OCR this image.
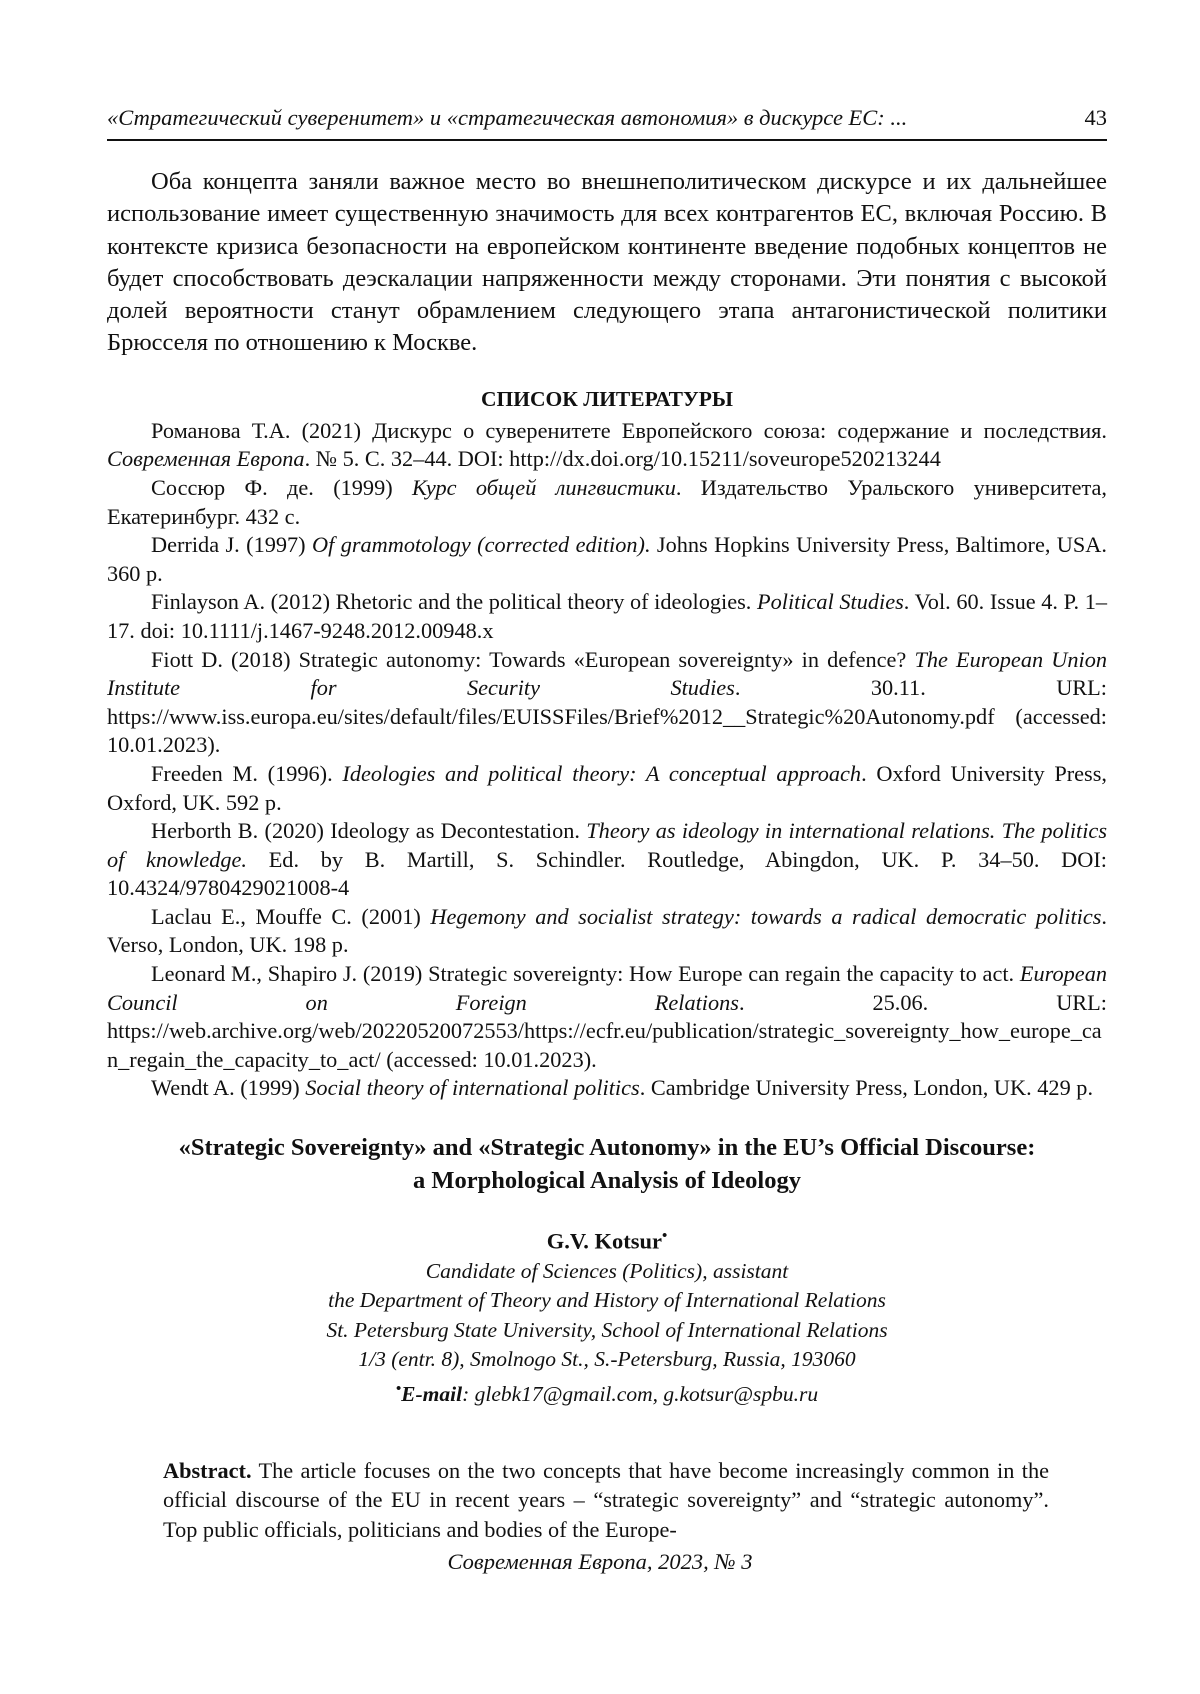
«Стратегический суверенитет» и «стратегическая автономия» в дискурсе ЕС: ...	43

Оба концепта заняли важное место во внешнеполитическом дискурсе и их дальнейшее использование имеет существенную значимость для всех контрагентов ЕС, включая Россию. В контексте кризиса безопасности на европейском континенте введение подобных концептов не будет способствовать деэскалации напряженности между сторонами. Эти понятия с высокой долей вероятности станут обрамлением следующего этапа антагонистической политики Брюсселя по отношению к Москве.

СПИСОК ЛИТЕРАТУРЫ

Романова Т.А. (2021) Дискурс о суверенитете Европейского союза: содержание и последствия. Современная Европа. № 5. С. 32–44. DOI: http://dx.doi.org/10.15211/soveurope520213244

Соссюр Ф. де. (1999) Курс общей лингвистики. Издательство Уральского университета, Екатеринбург. 432 с.

Derrida J. (1997) Of grammotology (corrected edition). Johns Hopkins University Press, Baltimore, USA. 360 p.

Finlayson A. (2012) Rhetoric and the political theory of ideologies. Political Studies. Vol. 60. Issue 4. P. 1–17. doi: 10.1111/j.1467-9248.2012.00948.x

Fiott D. (2018) Strategic autonomy: Towards «European sovereignty» in defence? The European Union Institute for Security Studies. 30.11. URL: https://www.iss.europa.eu/sites/default/files/EUISSFiles/Brief%2012__Strategic%20Autonomy.pdf (accessed: 10.01.2023).

Freeden M. (1996). Ideologies and political theory: A conceptual approach. Oxford University Press, Oxford, UK. 592 p.

Herborth B. (2020) Ideology as Decontestation. Theory as ideology in international relations. The politics of knowledge. Ed. by B. Martill, S. Schindler. Routledge, Abingdon, UK. P. 34–50. DOI: 10.4324/9780429021008-4

Laclau E., Mouffe C. (2001) Hegemony and socialist strategy: towards a radical democratic politics. Verso, London, UK. 198 p.

Leonard M., Shapiro J. (2019) Strategic sovereignty: How Europe can regain the capacity to act. European Council on Foreign Relations. 25.06. URL: https://web.archive.org/web/20220520072553/https://ecfr.eu/publication/strategic_sovereignty_how_europe_can_regain_the_capacity_to_act/ (accessed: 10.01.2023).

Wendt A. (1999) Social theory of international politics. Cambridge University Press, London, UK. 429 p.

«Strategic Sovereignty» and «Strategic Autonomy» in the EU’s Official Discourse:
a Morphological Analysis of Ideology
G.V. Kotsur•

Candidate of Sciences (Politics), assistant

the Department of Theory and History of International Relations

St. Petersburg State University, School of International Relations

1/3 (entr. 8), Smolnogo St., S.-Petersburg, Russia, 193060

•E-mail: glebk17@gmail.com, g.kotsur@spbu.ru

Abstract. The article focuses on the two concepts that have become increasingly common in the official discourse of the EU in recent years – “strategic sovereignty” and “strategic autonomy”. Top public officials, politicians and bodies of the Europe-

Современная Европа, 2023, № 3
